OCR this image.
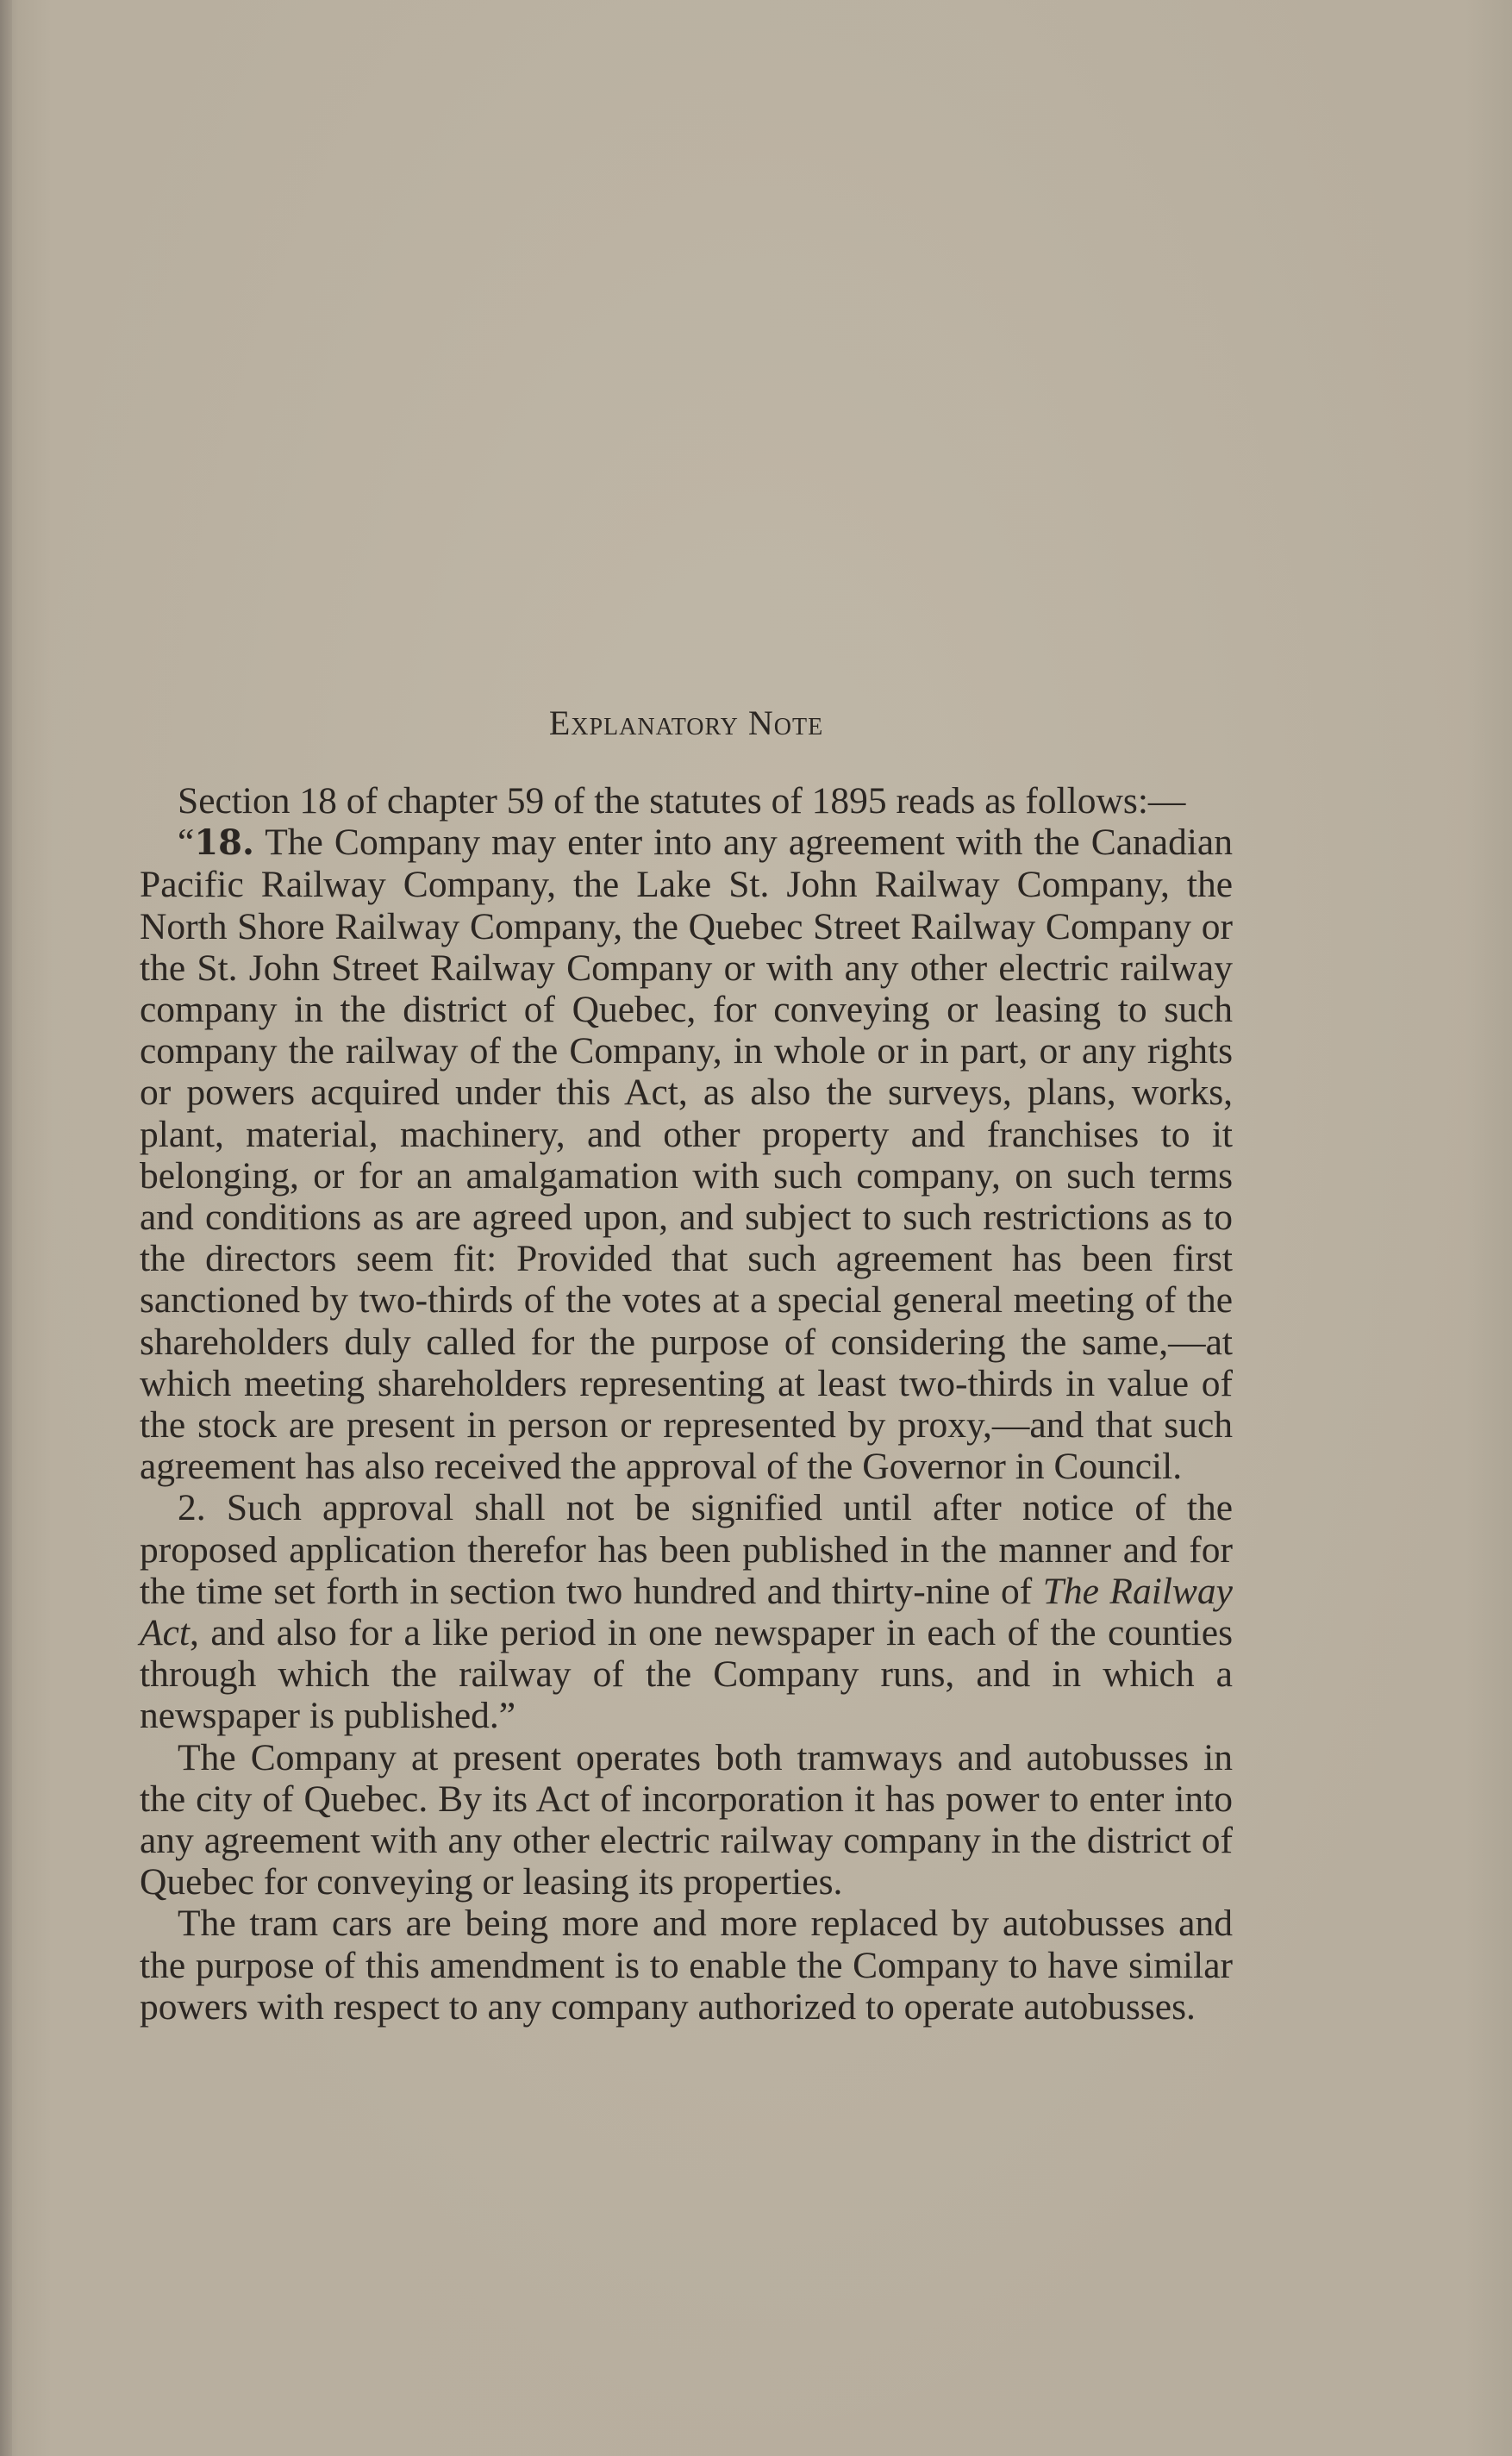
Explanatory Note

Section 18 of chapter 59 of the statutes of 1895 reads as follows:—

“18. The Company may enter into any agreement with the Canadian Pacific Railway Company, the Lake St. John Railway Company, the North Shore Railway Company, the Quebec Street Railway Company or the St. John Street Railway Company or with any other electric railway company in the district of Quebec, for conveying or leasing to such company the railway of the Company, in whole or in part, or any rights or powers acquired under this Act, as also the surveys, plans, works, plant, material, machinery, and other property and franchises to it belonging, or for an amalgamation with such company, on such terms and conditions as are agreed upon, and subject to such restrictions as to the directors seem fit: Provided that such agreement has been first sanctioned by two-thirds of the votes at a special general meeting of the shareholders duly called for the purpose of considering the same,—at which meeting shareholders representing at least two-thirds in value of the stock are present in person or represented by proxy,—and that such agreement has also received the approval of the Governor in Council.

2. Such approval shall not be signified until after notice of the proposed application therefor has been published in the manner and for the time set forth in section two hundred and thirty-nine of The Railway Act, and also for a like period in one newspaper in each of the counties through which the railway of the Company runs, and in which a newspaper is published.”

The Company at present operates both tramways and autobusses in the city of Quebec. By its Act of incorporation it has power to enter into any agreement with any other electric railway company in the district of Quebec for conveying or leasing its properties.

The tram cars are being more and more replaced by autobusses and the purpose of this amendment is to enable the Company to have similar powers with respect to any company authorized to operate autobusses.
